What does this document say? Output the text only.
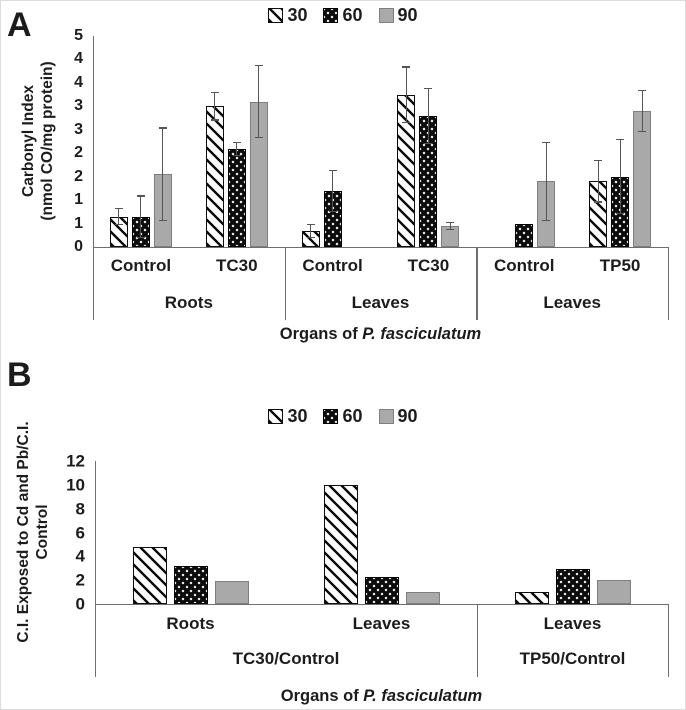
A	30 60 90
Carbonyl Index (nmol CO/mg protein)
Organs of P. fasciculatum
B
30 60 90
C.I. Exposed to Cd and Pb/C.I. Control
Organs of P. fasciculatum
Roots	Leaves	Leaves
5
4
4
3
3
2
2
1
1
0
Control	TC30	Control	TC30	Control	TP50
TC30/Control	TP50/Control
12
10
8
6
4
2
0
Roots	Leaves	Leaves
